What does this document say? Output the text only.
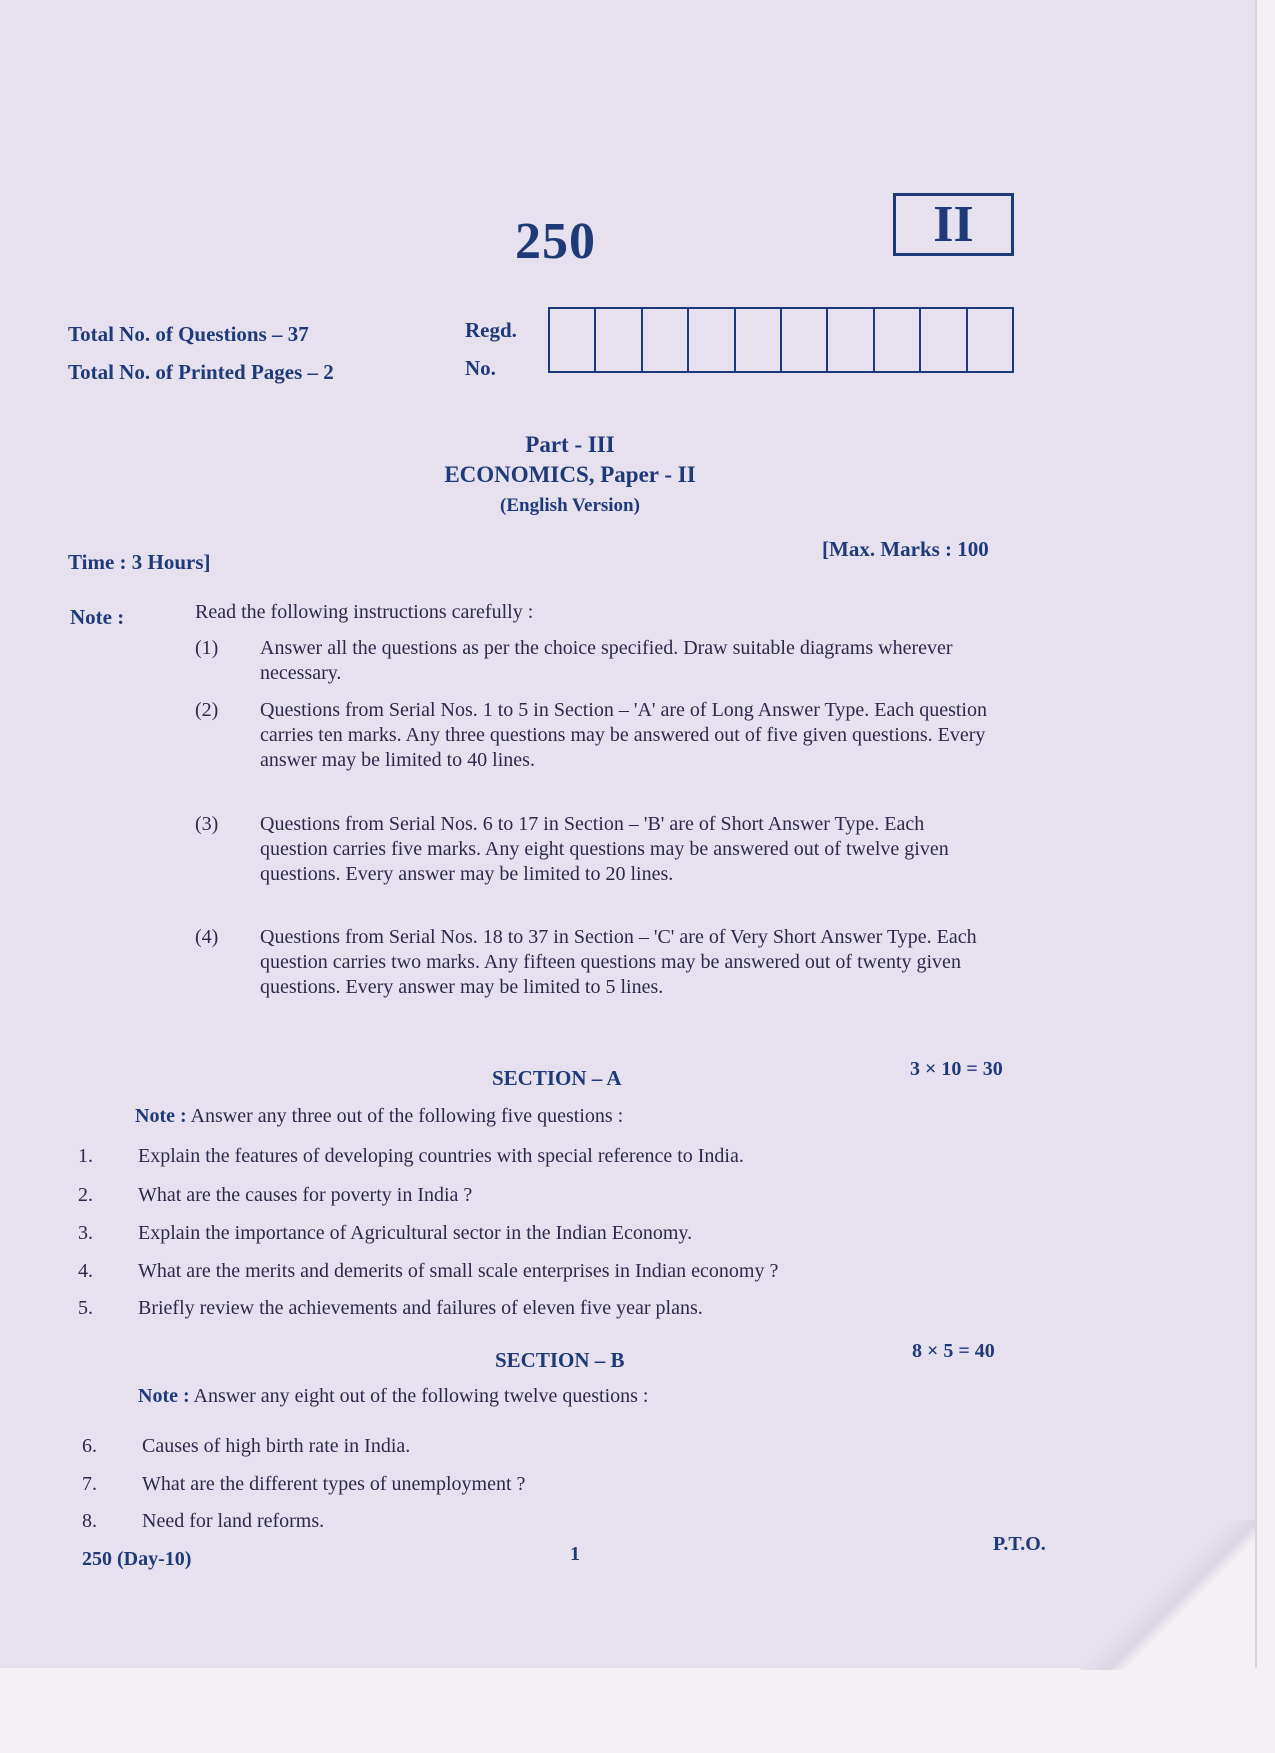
250	II
Total No. of Questions – 37
Total No. of Printed Pages – 2
Regd.
No.
Part - III
ECONOMICS, Paper - II
(English Version)
Time : 3 Hours]
[Max. Marks : 100
Note :	Read the following instructions carefully :
(1)	Answer all the questions as per the choice specified. Draw suitable diagrams wherever necessary.
(2)	Questions from Serial Nos. 1 to 5 in Section – 'A' are of Long Answer Type. Each question carries ten marks. Any three questions may be answered out of five given questions. Every answer may be limited to 40 lines.
(3)	Questions from Serial Nos. 6 to 17 in Section – 'B' are of Short Answer Type. Each question carries five marks. Any eight questions may be answered out of twelve given questions. Every answer may be limited to 20 lines.
(4)	Questions from Serial Nos. 18 to 37 in Section – 'C' are of Very Short Answer Type. Each question carries two marks. Any fifteen questions may be answered out of twenty given questions. Every answer may be limited to 5 lines.
SECTION – A	3 × 10 = 30
Note : Answer any three out of the following five questions :
1.	Explain the features of developing countries with special reference to India.
2.	What are the causes for poverty in India ?
3.	Explain the importance of Agricultural sector in the Indian Economy.
4.	What are the merits and demerits of small scale enterprises in Indian economy ?
5.	Briefly review the achievements and failures of eleven five year plans.
SECTION – B	8 × 5 = 40
Note : Answer any eight out of the following twelve questions :
6.	Causes of high birth rate in India.
7.	What are the different types of unemployment ?
8.	Need for land reforms.
250 (Day-10)	1	P.T.O.
